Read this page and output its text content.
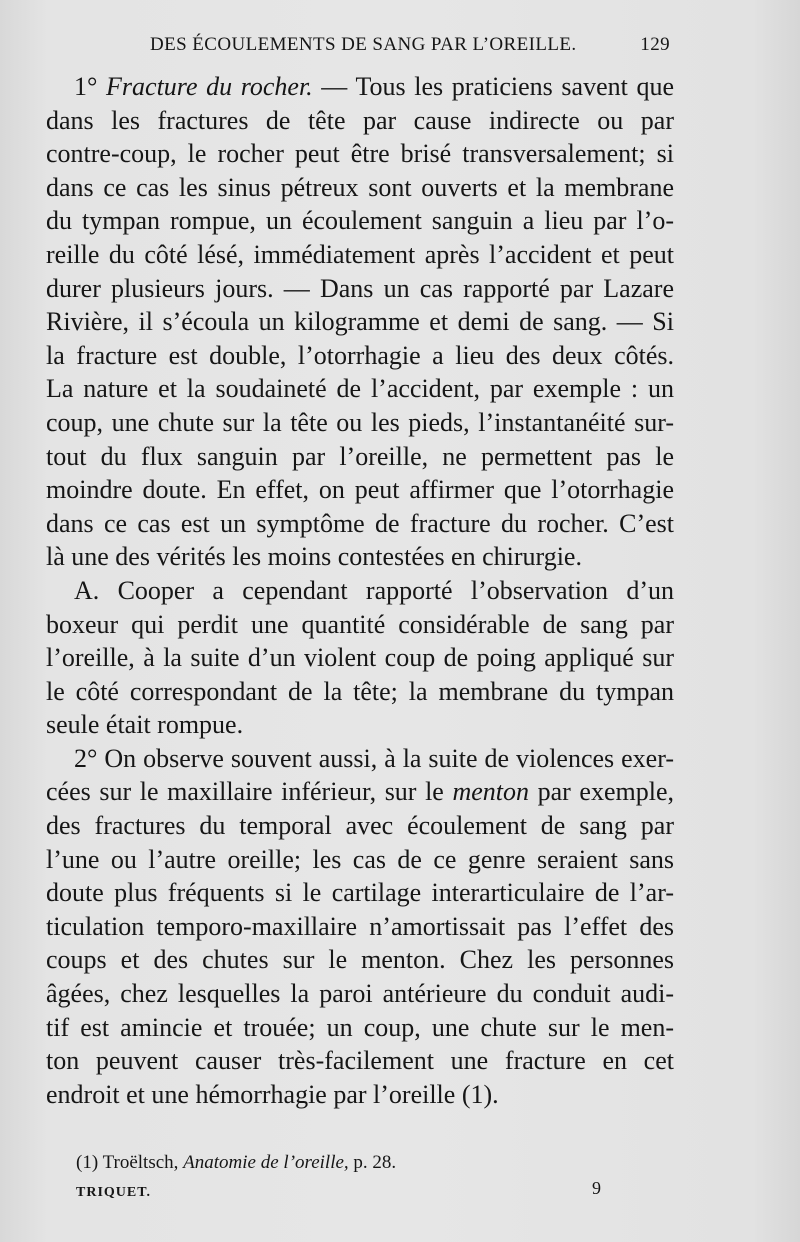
DES ÉCOULEMENTS DE SANG PAR L’OREILLE.	129
1° Fracture du rocher. — Tous les praticiens savent que
dans les fractures de tête par cause indirecte ou par
contre-coup, le rocher peut être brisé transversalement; si
dans ce cas les sinus pétreux sont ouverts et la membrane
du tympan rompue, un écoulement sanguin a lieu par l’o-
reille du côté lésé, immédiatement après l’accident et peut
durer plusieurs jours. — Dans un cas rapporté par Lazare
Rivière, il s’écoula un kilogramme et demi de sang. — Si
la fracture est double, l’otorrhagie a lieu des deux côtés.
La nature et la soudaineté de l’accident, par exemple : un
coup, une chute sur la tête ou les pieds, l’instantanéité sur-
tout du flux sanguin par l’oreille, ne permettent pas le
moindre doute. En effet, on peut affirmer que l’otorrhagie
dans ce cas est un symptôme de fracture du rocher. C’est
là une des vérités les moins contestées en chirurgie.
A. Cooper a cependant rapporté l’observation d’un
boxeur qui perdit une quantité considérable de sang par
l’oreille, à la suite d’un violent coup de poing appliqué sur
le côté correspondant de la tête; la membrane du tympan
seule était rompue.
2° On observe souvent aussi, à la suite de violences exer-
cées sur le maxillaire inférieur, sur le menton par exemple,
des fractures du temporal avec écoulement de sang par
l’une ou l’autre oreille; les cas de ce genre seraient sans
doute plus fréquents si le cartilage interarticulaire de l’ar-
ticulation temporo-maxillaire n’amortissait pas l’effet des
coups et des chutes sur le menton. Chez les personnes
âgées, chez lesquelles la paroi antérieure du conduit audi-
tif est amincie et trouée; un coup, une chute sur le men-
ton peuvent causer très-facilement une fracture en cet
endroit et une hémorrhagie par l’oreille (1).
(1) Troëltsch, Anatomie de l’oreille, p. 28.
TRIQUET.	9
